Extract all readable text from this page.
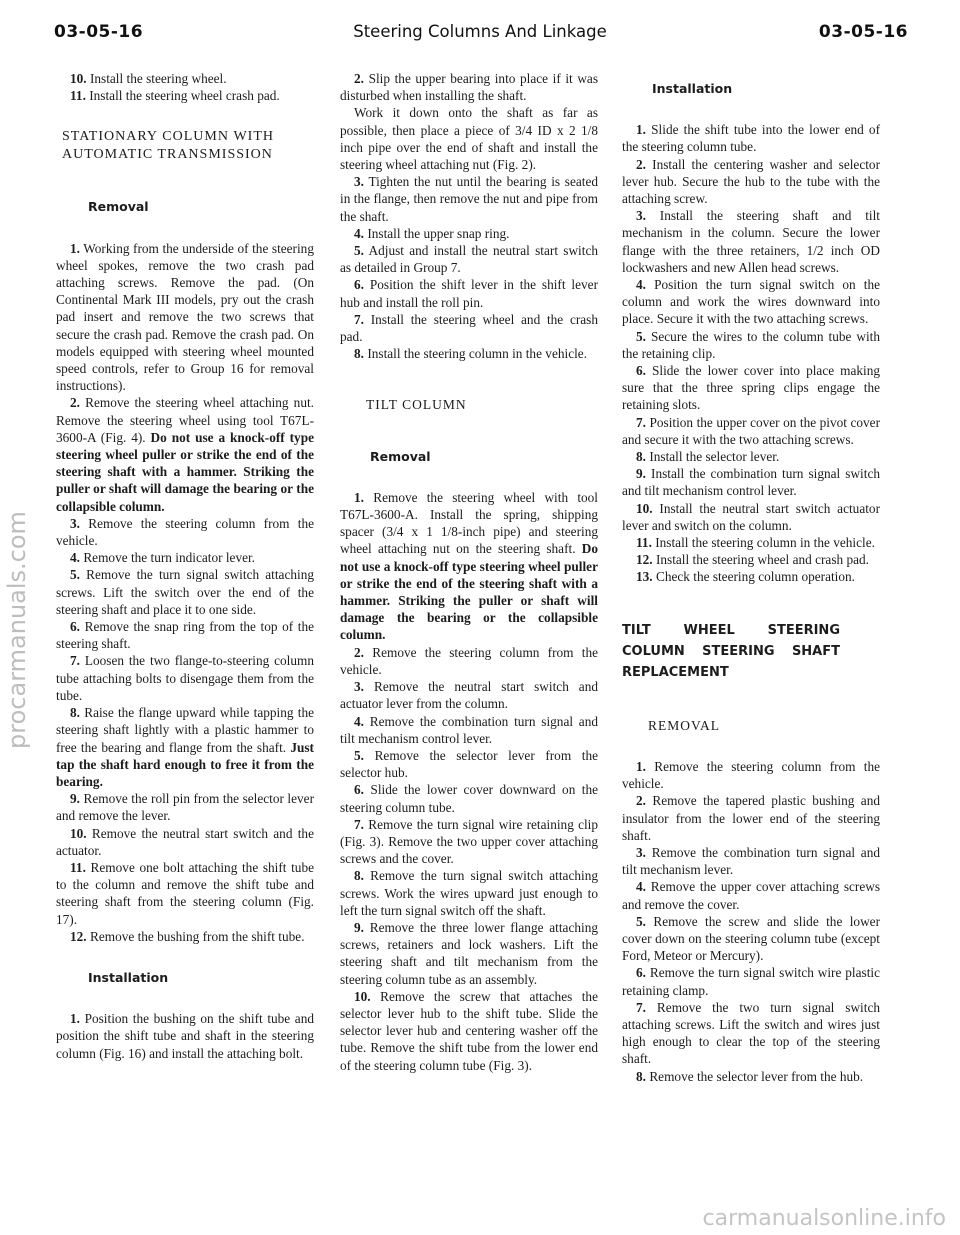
03-05-16	Steering Columns And Linkage	03-05-16

10. Install the steering wheel.

11. Install the steering wheel crash pad.

STATIONARY COLUMN WITH AUTOMATIC TRANSMISSION

Removal

1. Working from the underside of the steering wheel spokes, remove the two crash pad attaching screws. Remove the pad. (On Continental Mark III models, pry out the crash pad insert and remove the two screws that secure the crash pad. Remove the crash pad. On models equipped with steering wheel mounted speed controls, refer to Group 16 for removal instructions).

2. Remove the steering wheel attaching nut. Remove the steering wheel using tool T67L-3600-A (Fig. 4). Do not use a knock-off type steering wheel puller or strike the end of the steering shaft with a hammer. Striking the puller or shaft will damage the bearing or the collapsible column.

3. Remove the steering column from the vehicle.

4. Remove the turn indicator lever.

5. Remove the turn signal switch attaching screws. Lift the switch over the end of the steering shaft and place it to one side.

6. Remove the snap ring from the top of the steering shaft.

7. Loosen the two flange-to-steering column tube attaching bolts to disengage them from the tube.

8. Raise the flange upward while tapping the steering shaft lightly with a plastic hammer to free the bearing and flange from the shaft. Just tap the shaft hard enough to free it from the bearing.

9. Remove the roll pin from the selector lever and remove the lever.

10. Remove the neutral start switch and the actuator.

11. Remove one bolt attaching the shift tube to the column and remove the shift tube and steering shaft from the steering column (Fig. 17).

12. Remove the bushing from the shift tube.

Installation

1. Position the bushing on the shift tube and position the shift tube and shaft in the steering column (Fig. 16) and install the attaching bolt.

2. Slip the upper bearing into place if it was disturbed when installing the shaft.

Work it down onto the shaft as far as possible, then place a piece of 3/4 ID x 2 1/8 inch pipe over the end of shaft and install the steering wheel attaching nut (Fig. 2).

3. Tighten the nut until the bearing is seated in the flange, then remove the nut and pipe from the shaft.

4. Install the upper snap ring.

5. Adjust and install the neutral start switch as detailed in Group 7.

6. Position the shift lever in the shift lever hub and install the roll pin.

7. Install the steering wheel and the crash pad.

8. Install the steering column in the vehicle.

TILT COLUMN

Removal

1. Remove the steering wheel with tool T67L-3600-A. Install the spring, shipping spacer (3/4 x 1 1/8-inch pipe) and steering wheel attaching nut on the steering shaft. Do not use a knock-off type steering wheel puller or strike the end of the steering shaft with a hammer. Striking the puller or shaft will damage the bearing or the collapsible column.

2. Remove the steering column from the vehicle.

3. Remove the neutral start switch and actuator lever from the column.

4. Remove the combination turn signal and tilt mechanism control lever.

5. Remove the selector lever from the selector hub.

6. Slide the lower cover downward on the steering column tube.

7. Remove the turn signal wire retaining clip (Fig. 3). Remove the two upper cover attaching screws and the cover.

8. Remove the turn signal switch attaching screws. Work the wires upward just enough to left the turn signal switch off the shaft.

9. Remove the three lower flange attaching screws, retainers and lock washers. Lift the steering shaft and tilt mechanism from the steering column tube as an assembly.

10. Remove the screw that attaches the selector lever hub to the shift tube. Slide the selector lever hub and centering washer off the tube. Remove the shift tube from the lower end of the steering column tube (Fig. 3).

Installation

1. Slide the shift tube into the lower end of the steering column tube.

2. Install the centering washer and selector lever hub. Secure the hub to the tube with the attaching screw.

3. Install the steering shaft and tilt mechanism in the column. Secure the lower flange with the three retainers, 1/2 inch OD lockwashers and new Allen head screws.

4. Position the turn signal switch on the column and work the wires downward into place. Secure it with the two attaching screws.

5. Secure the wires to the column tube with the retaining clip.

6. Slide the lower cover into place making sure that the three spring clips engage the retaining slots.

7. Position the upper cover on the pivot cover and secure it with the two attaching screws.

8. Install the selector lever.

9. Install the combination turn signal switch and tilt mechanism control lever.

10. Install the neutral start switch actuator lever and switch on the column.

11. Install the steering column in the vehicle.

12. Install the steering wheel and crash pad.

13. Check the steering column operation.

TILT WHEEL STEERING COLUMN STEERING SHAFT REPLACEMENT

REMOVAL

1. Remove the steering column from the vehicle.

2. Remove the tapered plastic bushing and insulator from the lower end of the steering shaft.

3. Remove the combination turn signal and tilt mechanism lever.

4. Remove the upper cover attaching screws and remove the cover.

5. Remove the screw and slide the lower cover down on the steering column tube (except Ford, Meteor or Mercury).

6. Remove the turn signal switch wire plastic retaining clamp.

7. Remove the two turn signal switch attaching screws. Lift the switch and wires just high enough to clear the top of the steering shaft.

8. Remove the selector lever from the hub.

procarmanuals.com
carmanualsonline.info
